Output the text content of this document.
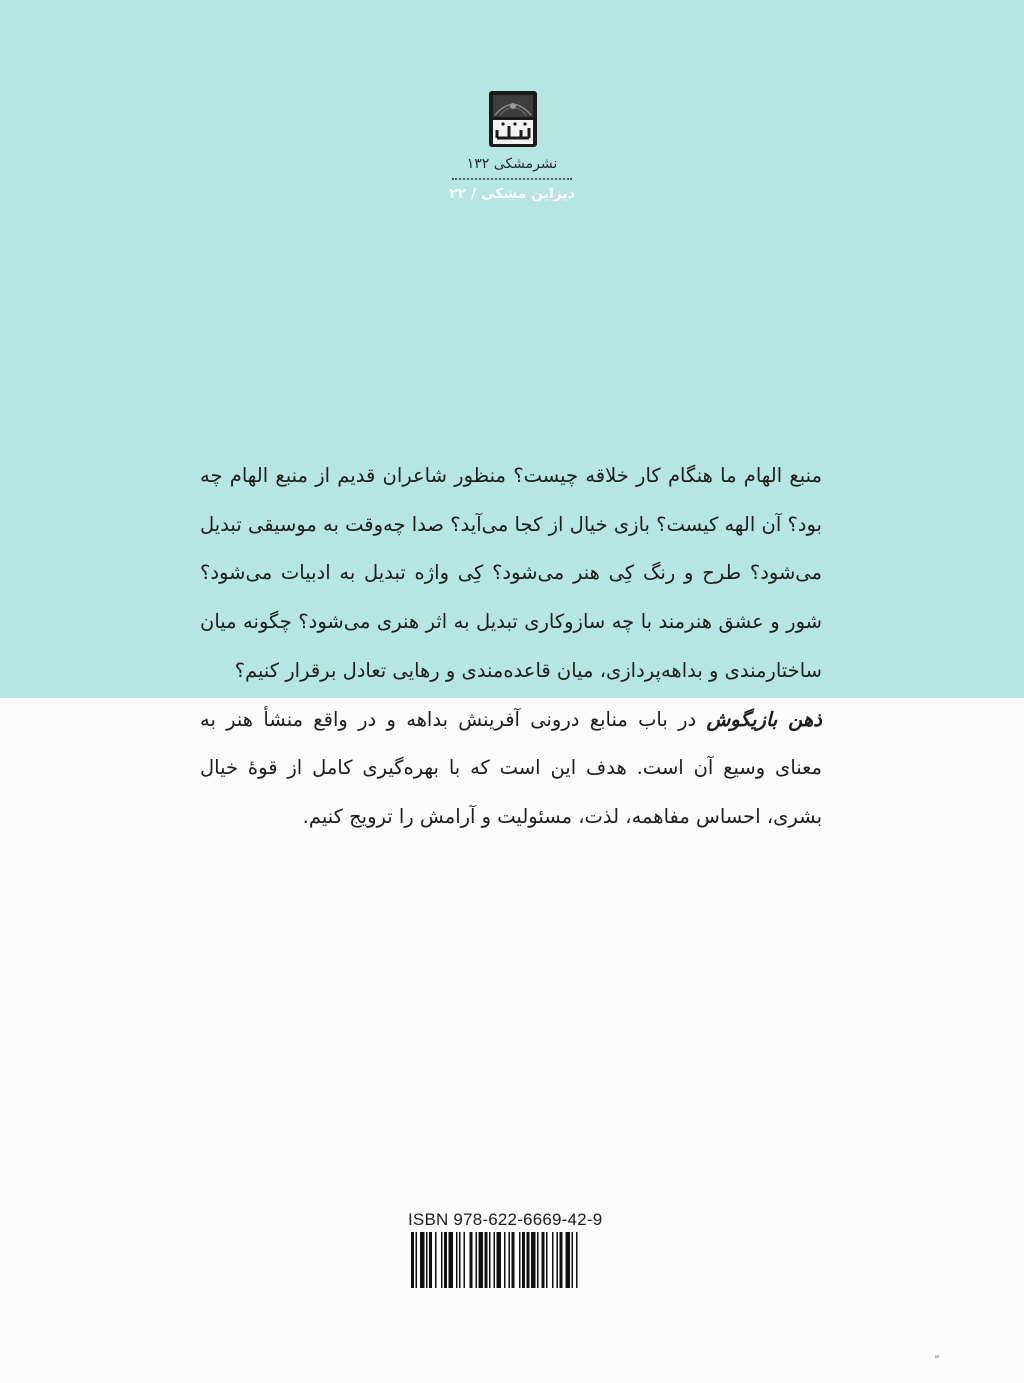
نشرمشکی ۱۳۲
دیزاین مشکی / ۲۲

منبع الهام ما هنگام کار خلاقه چیست؟ منظور شاعران قدیم از منبع الهام چه بود؟ آن الهه کیست؟ بازی خیال از کجا می‌آید؟ صدا چه‌وقت به موسیقی تبدیل می‌شود؟ طرح و رنگ کِی هنر می‌شود؟ کِی واژه تبدیل به ادبیات می‌شود؟ شور و عشق هنرمند با چه سازوکاری تبدیل به اثر هنری می‌شود؟ چگونه میان ساختارمندی و بداهه‌پردازی، میان قاعده‌مندی و رهایی تعادل برقرار کنیم؟

ذهن بازیگوش در باب منابع درونی آفرینش بداهه و در واقع منشأ هنر به معنای وسیع آن است. هدف این است که با بهره‌گیری کامل از قوۀ خیال بشری، احساس مفاهمه، لذت، مسئولیت و آرامش را ترویج کنیم.

ISBN 978-622-6669-42-9
